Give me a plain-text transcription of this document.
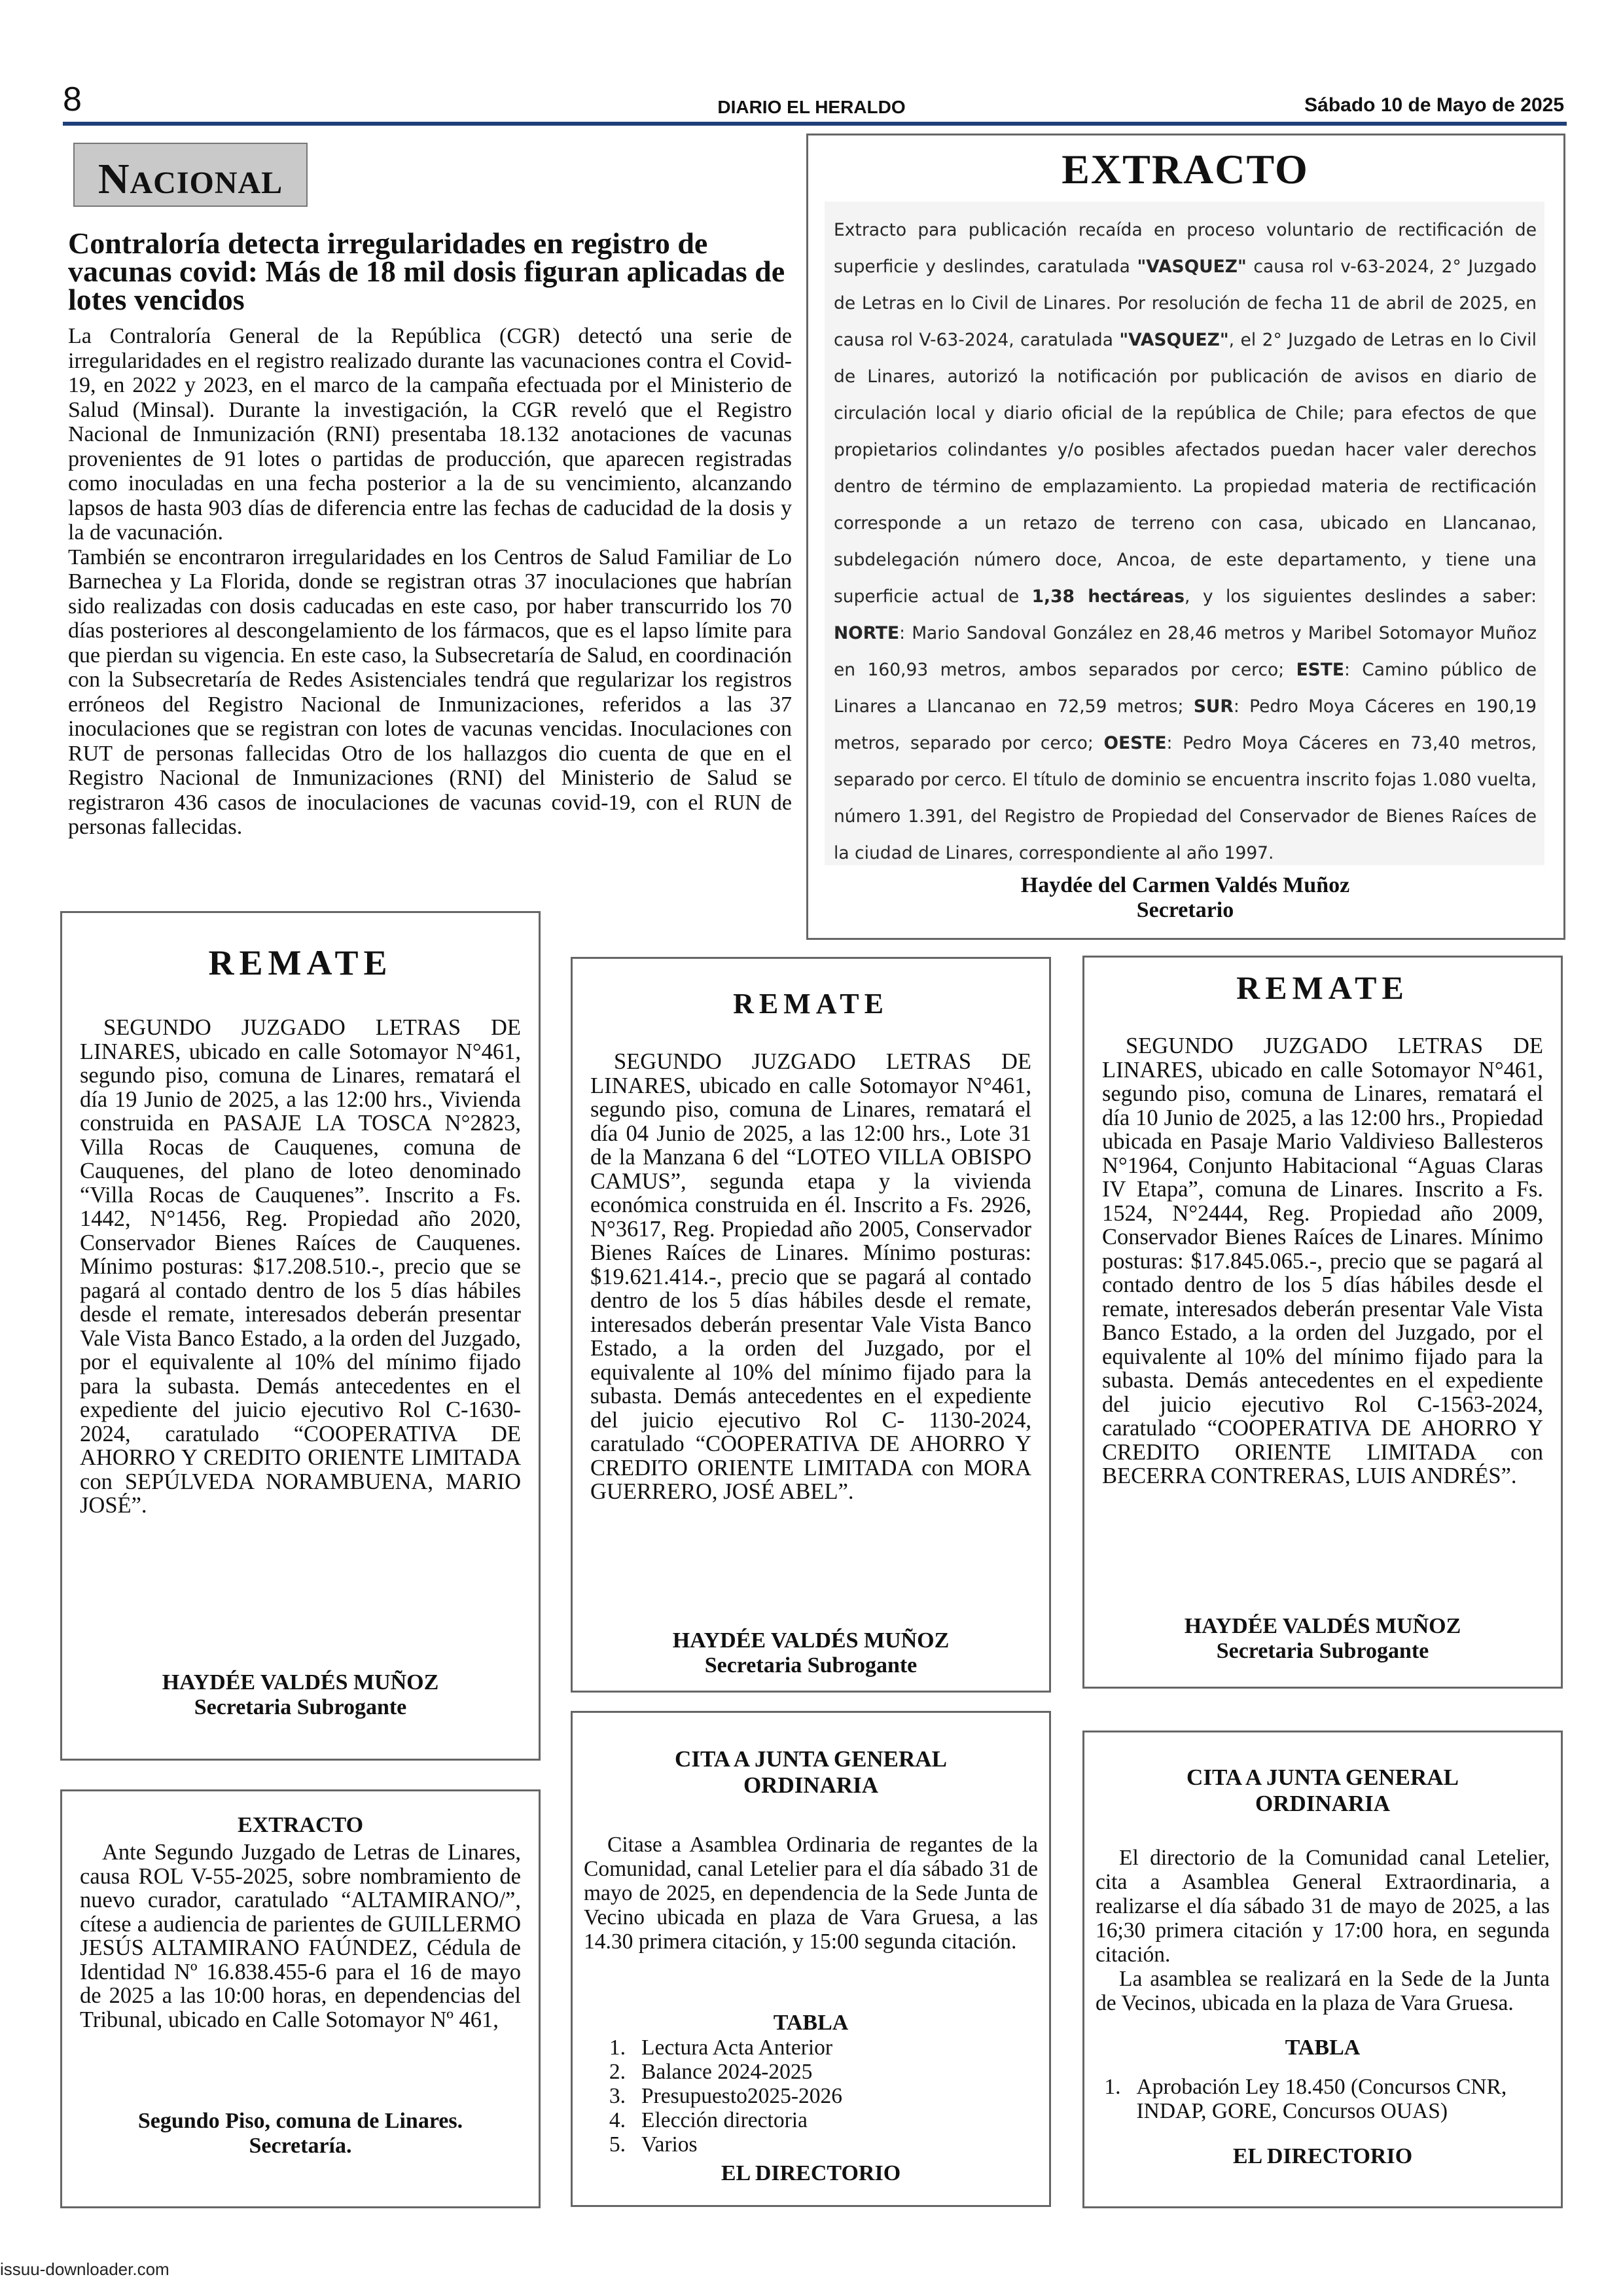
8	DIARIO EL HERALDO	Sábado 10 de Mayo de 2025
NACIONAL
Contraloría detecta irregularidades en registro de vacunas covid: Más de 18 mil dosis figuran aplicadas de lotes vencidos

La Contraloría General de la República (CGR) detectó una serie de irregularidades en el registro realizado durante las vacunaciones contra el Covid-19, en 2022 y 2023, en el marco de la campaña efectuada por el Ministerio de Salud (Minsal). Durante la investigación, la CGR reveló que el Registro Nacional de Inmunización (RNI) presentaba 18.132 anotaciones de vacunas provenientes de 91 lotes o partidas de producción, que aparecen registradas como inoculadas en una fecha posterior a la de su vencimiento, alcanzando lapsos de hasta 903 días de diferencia entre las fechas de caducidad de la dosis y la de vacunación.

También se encontraron irregularidades en los Centros de Salud Familiar de Lo Barnechea y La Florida, donde se registran otras 37 inoculaciones que habrían sido realizadas con dosis caducadas en este caso, por haber transcurrido los 70 días posteriores al descongelamiento de los fármacos, que es el lapso límite para que pierdan su vigencia. En este caso, la Subsecretaría de Salud, en coordinación con la Subsecretaría de Redes Asistenciales tendrá que regularizar los registros erróneos del Registro Nacional de Inmunizaciones, referidos a las 37 inoculaciones que se registran con lotes de vacunas vencidas. Inoculaciones con RUT de personas fallecidas Otro de los hallazgos dio cuenta de que en el Registro Nacional de Inmunizaciones (RNI) del Ministerio de Salud se registraron 436 casos de inoculaciones de vacunas covid-19, con el RUN de personas fallecidas.

EXTRACTO
Extracto para publicación recaída en proceso voluntario de rectificación de superficie y deslindes, caratulada "VASQUEZ" causa rol v-63-2024, 2° Juzgado de Letras en lo Civil de Linares. Por resolución de fecha 11 de abril de 2025, en causa rol V-63-2024, caratulada "VASQUEZ", el 2° Juzgado de Letras en lo Civil de Linares, autorizó la notificación por publicación de avisos en diario de circulación local y diario oficial de la república de Chile; para efectos de que propietarios colindantes y/o posibles afectados puedan hacer valer derechos dentro de término de emplazamiento. La propiedad materia de rectificación corresponde a un retazo de terreno con casa, ubicado en Llancanao, subdelegación número doce, Ancoa, de este departamento, y tiene una superficie actual de 1,38 hectáreas, y los siguientes deslindes a saber: NORTE: Mario Sandoval González en 28,46 metros y Maribel Sotomayor Muñoz en 160,93 metros, ambos separados por cerco; ESTE: Camino público de Linares a Llancanao en 72,59 metros; SUR: Pedro Moya Cáceres en 190,19 metros, separado por cerco; OESTE: Pedro Moya Cáceres en 73,40 metros, separado por cerco. El título de dominio se encuentra inscrito fojas 1.080 vuelta, número 1.391, del Registro de Propiedad del Conservador de Bienes Raíces de la ciudad de Linares, correspondiente al año 1997.
Haydée del Carmen Valdés Muñoz
Secretario
REMATE
SEGUNDO JUZGADO LETRAS DE LINARES, ubicado en calle Sotomayor N°461, segundo piso, comuna de Linares, rematará el día 19 Junio de 2025, a las 12:00 hrs., Vivienda construida en PASAJE LA TOSCA N°2823, Villa Rocas de Cauquenes, comuna de Cauquenes, del plano de loteo denominado “Villa Rocas de Cauquenes”. Inscrito a Fs. 1442, N°1456, Reg. Propiedad año 2020, Conservador Bienes Raíces de Cauquenes. Mínimo posturas: $17.208.510.-, precio que se pagará al contado dentro de los 5 días hábiles desde el remate, interesados deberán presentar Vale Vista Banco Estado, a la orden del Juzgado, por el equivalente al 10% del mínimo fijado para la subasta. Demás antecedentes en el expediente del juicio ejecutivo Rol C-1630-2024, caratulado “COOPERATIVA DE AHORRO Y CREDITO ORIENTE LIMITADA con SEPÚLVEDA NORAMBUENA, MARIO JOSÉ”.
HAYDÉE VALDÉS MUÑOZ
Secretaria Subrogante
REMATE
SEGUNDO JUZGADO LETRAS DE LINARES, ubicado en calle Sotomayor N°461, segundo piso, comuna de Linares, rematará el día 04 Junio de 2025, a las 12:00 hrs., Lote 31 de la Manzana 6 del “LOTEO VILLA OBISPO CAMUS”, segunda etapa y la vivienda económica construida en él. Inscrito a Fs. 2926, N°3617, Reg. Propiedad año 2005, Conservador Bienes Raíces de Linares. Mínimo posturas: $19.621.414.-, precio que se pagará al contado dentro de los 5 días hábiles desde el remate, interesados deberán presentar Vale Vista Banco Estado, a la orden del Juzgado, por el equivalente al 10% del mínimo fijado para la subasta. Demás antecedentes en el expediente del juicio ejecutivo Rol C- 1130-2024, caratulado “COOPERATIVA DE AHORRO Y CREDITO ORIENTE LIMITADA con MORA GUERRERO, JOSÉ ABEL”.
HAYDÉE VALDÉS MUÑOZ
Secretaria Subrogante
REMATE
SEGUNDO JUZGADO LETRAS DE LINARES, ubicado en calle Sotomayor N°461, segundo piso, comuna de Linares, rematará el día 10 Junio de 2025, a las 12:00 hrs., Propiedad ubicada en Pasaje Mario Valdivieso Ballesteros N°1964, Conjunto Habitacional “Aguas Claras IV Etapa”, comuna de Linares. Inscrito a Fs. 1524, N°2444, Reg. Propiedad año 2009, Conservador Bienes Raíces de Linares. Mínimo posturas: $17.845.065.-, precio que se pagará al contado dentro de los 5 días hábiles desde el remate, interesados deberán presentar Vale Vista Banco Estado, a la orden del Juzgado, por el equivalente al 10% del mínimo fijado para la subasta. Demás antecedentes en el expediente del juicio ejecutivo Rol C-1563-2024, caratulado “COOPERATIVA DE AHORRO Y CREDITO ORIENTE LIMITADA con BECERRA CONTRERAS, LUIS ANDRÉS”.
HAYDÉE VALDÉS MUÑOZ
Secretaria Subrogante
EXTRACTO
Ante Segundo Juzgado de Letras de Linares, causa ROL V-55-2025, sobre nombramiento de nuevo curador, caratulado “ALTAMIRANO/”, cítese a audiencia de parientes de GUILLERMO JESÚS ALTAMIRANO FAÚNDEZ, Cédula de Identidad Nº 16.838.455-6 para el 16 de mayo de 2025 a las 10:00 horas, en dependencias del Tribunal, ubicado en Calle Sotomayor Nº 461,
Segundo Piso, comuna de Linares.
Secretaría.
CITA A JUNTA GENERAL
ORDINARIA
Citase a Asamblea Ordinaria de regantes de la Comunidad, canal Letelier para el día sábado 31 de mayo de 2025, en dependencia de la Sede Junta de Vecino ubicada en plaza de Vara Gruesa, a las 14.30 primera citación, y 15:00 segunda citación.
TABLA
1. Lectura Acta Anterior
2. Balance 2024-2025
3. Presupuesto2025-2026
4. Elección directoria
5. Varios
EL DIRECTORIO
CITA A JUNTA GENERAL
ORDINARIA
El directorio de la Comunidad canal Letelier, cita a Asamblea General Extraordinaria, a realizarse el día sábado 31 de mayo de 2025, a las 16;30 primera citación y 17:00 hora, en segunda citación.
La asamblea se realizará en la Sede de la Junta de Vecinos, ubicada en la plaza de Vara Gruesa.
TABLA
1. Aprobación Ley 18.450 (Concursos CNR, INDAP, GORE, Concursos OUAS)
EL DIRECTORIO
issuu-downloader.com
